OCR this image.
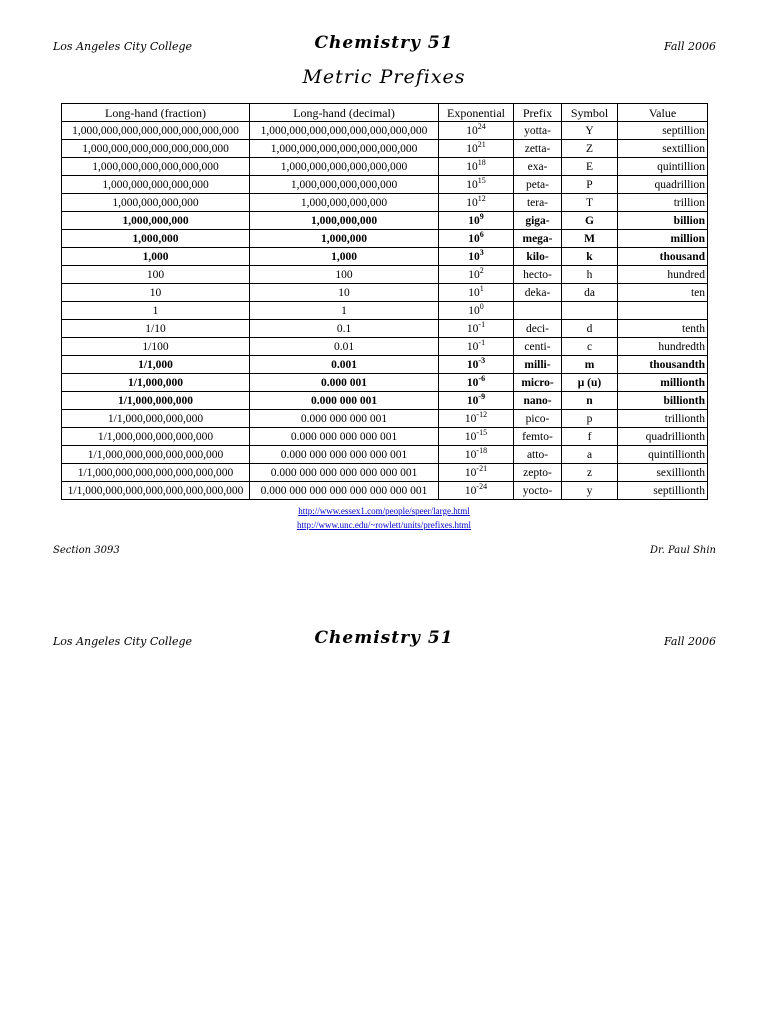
Los Angeles City College	Chemistry 51	Fall 2006
Metric Prefixes
Long-hand (fraction)	Long-hand (decimal)	Exponential	Prefix	Symbol	Value
1,000,000,000,000,000,000,000,000	1,000,000,000,000,000,000,000,000	$10^{24}$	yotta-	Y	septillion
1,000,000,000,000,000,000,000	1,000,000,000,000,000,000,000	$10^{21}$	zetta-	Z	sextillion
1,000,000,000,000,000,000	1,000,000,000,000,000,000	$10^{18}$	exa-	E	quintillion
1,000,000,000,000,000	1,000,000,000,000,000	$10^{15}$	peta-	P	quadrillion
1,000,000,000,000	1,000,000,000,000	$10^{12}$	tera-	T	trillion
1,000,000,000	1,000,000,000	$10^9$	giga-	G	billion
1,000,000	1,000,000	$10^6$	mega-	M	million
1,000	1,000	$10^3$	kilo-	k	thousand
100	100	$10^2$	hecto-	h	hundred
10	10	$10^1$	deka-	da	ten
1	1	$10^0$			
1/10	0.1	$10^{-1}$	deci-	d	tenth
1/100	0.01	$10^{-1}$	centi-	c	hundredth
1/1,000	0.001	$10^{-3}$	milli-	m	thousandth
1/1,000,000	0.000 001	$10^{-6}$	micro-	μ (u)	millionth
1/1,000,000,000	0.000 000 001	$10^{-9}$	nano-	n	billionth
1/1,000,000,000,000	0.000 000 000 001	$10^{-12}$	pico-	p	trillionth
1/1,000,000,000,000,000	0.000 000 000 000 001	$10^{-15}$	femto-	f	quadrillionth
1/1,000,000,000,000,000,000	0.000 000 000 000 000 001	$10^{-18}$	atto-	a	quintillionth
1/1,000,000,000,000,000,000,000	0.000 000 000 000 000 000 001	$10^{-21}$	zepto-	z	sexillionth
1/1,000,000,000,000,000,000,000,000	0.000 000 000 000 000 000 000 001	$10^{-24}$	yocto-	y	septillionth
http://www.essex1.com/people/speer/large.html
http://www.unc.edu/~rowlett/units/prefixes.html
Section 3093	Dr. Paul Shin
Los Angeles City College	Chemistry 51	Fall 2006
